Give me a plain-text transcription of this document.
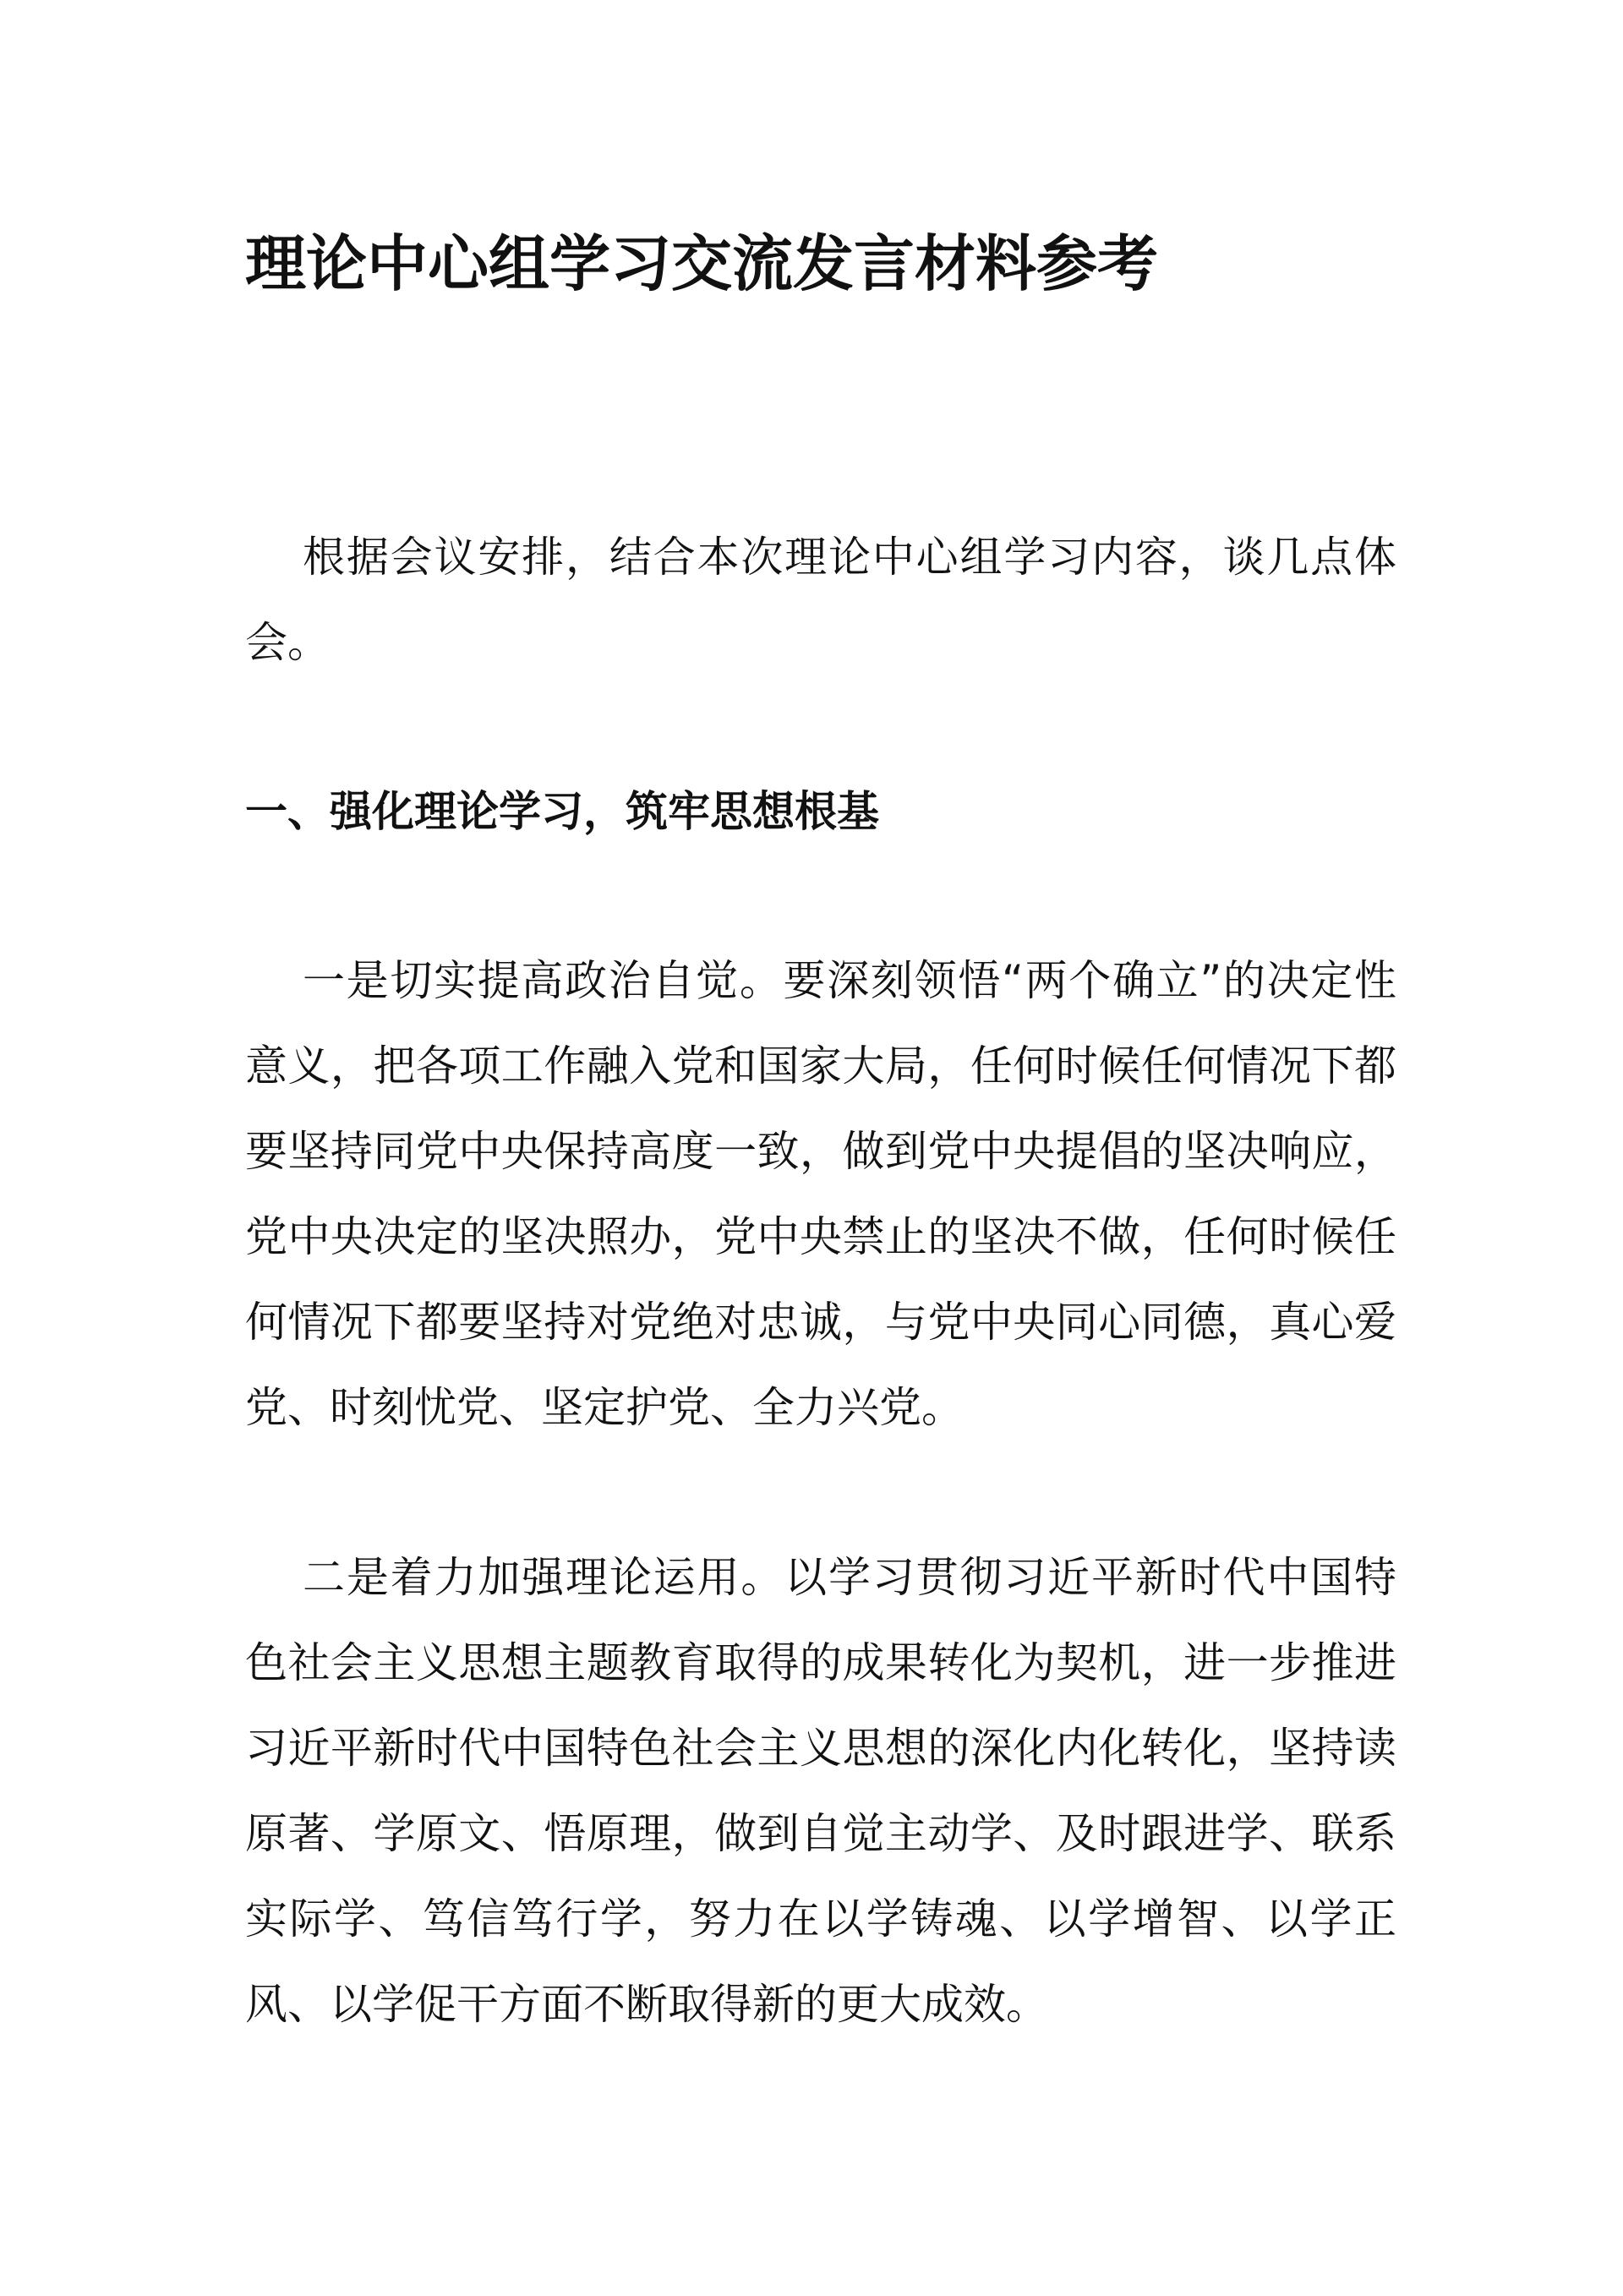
理论中心组学习交流发言材料参考

根据会议安排，结合本次理论中心组学习内容，谈几点体会。

一、强化理论学习，筑牢思想根基

一是切实提高政治自觉。要深刻领悟“两个确立”的决定性意义，把各项工作融入党和国家大局，任何时候任何情况下都要坚持同党中央保持高度一致，做到党中央提倡的坚决响应，党中央决定的坚决照办，党中央禁止的坚决不做，任何时候任何情况下都要坚持对党绝对忠诚，与党中央同心同德，真心爱党、时刻忧党、坚定护党、全力兴党。

二是着力加强理论运用。以学习贯彻习近平新时代中国特色社会主义思想主题教育取得的成果转化为契机，进一步推进习近平新时代中国特色社会主义思想的深化内化转化，坚持读原著、学原文、悟原理，做到自觉主动学、及时跟进学、联系实际学、笃信笃行学，努力在以学铸魂、以学增智、以学正风、以学促干方面不断取得新的更大成效。
